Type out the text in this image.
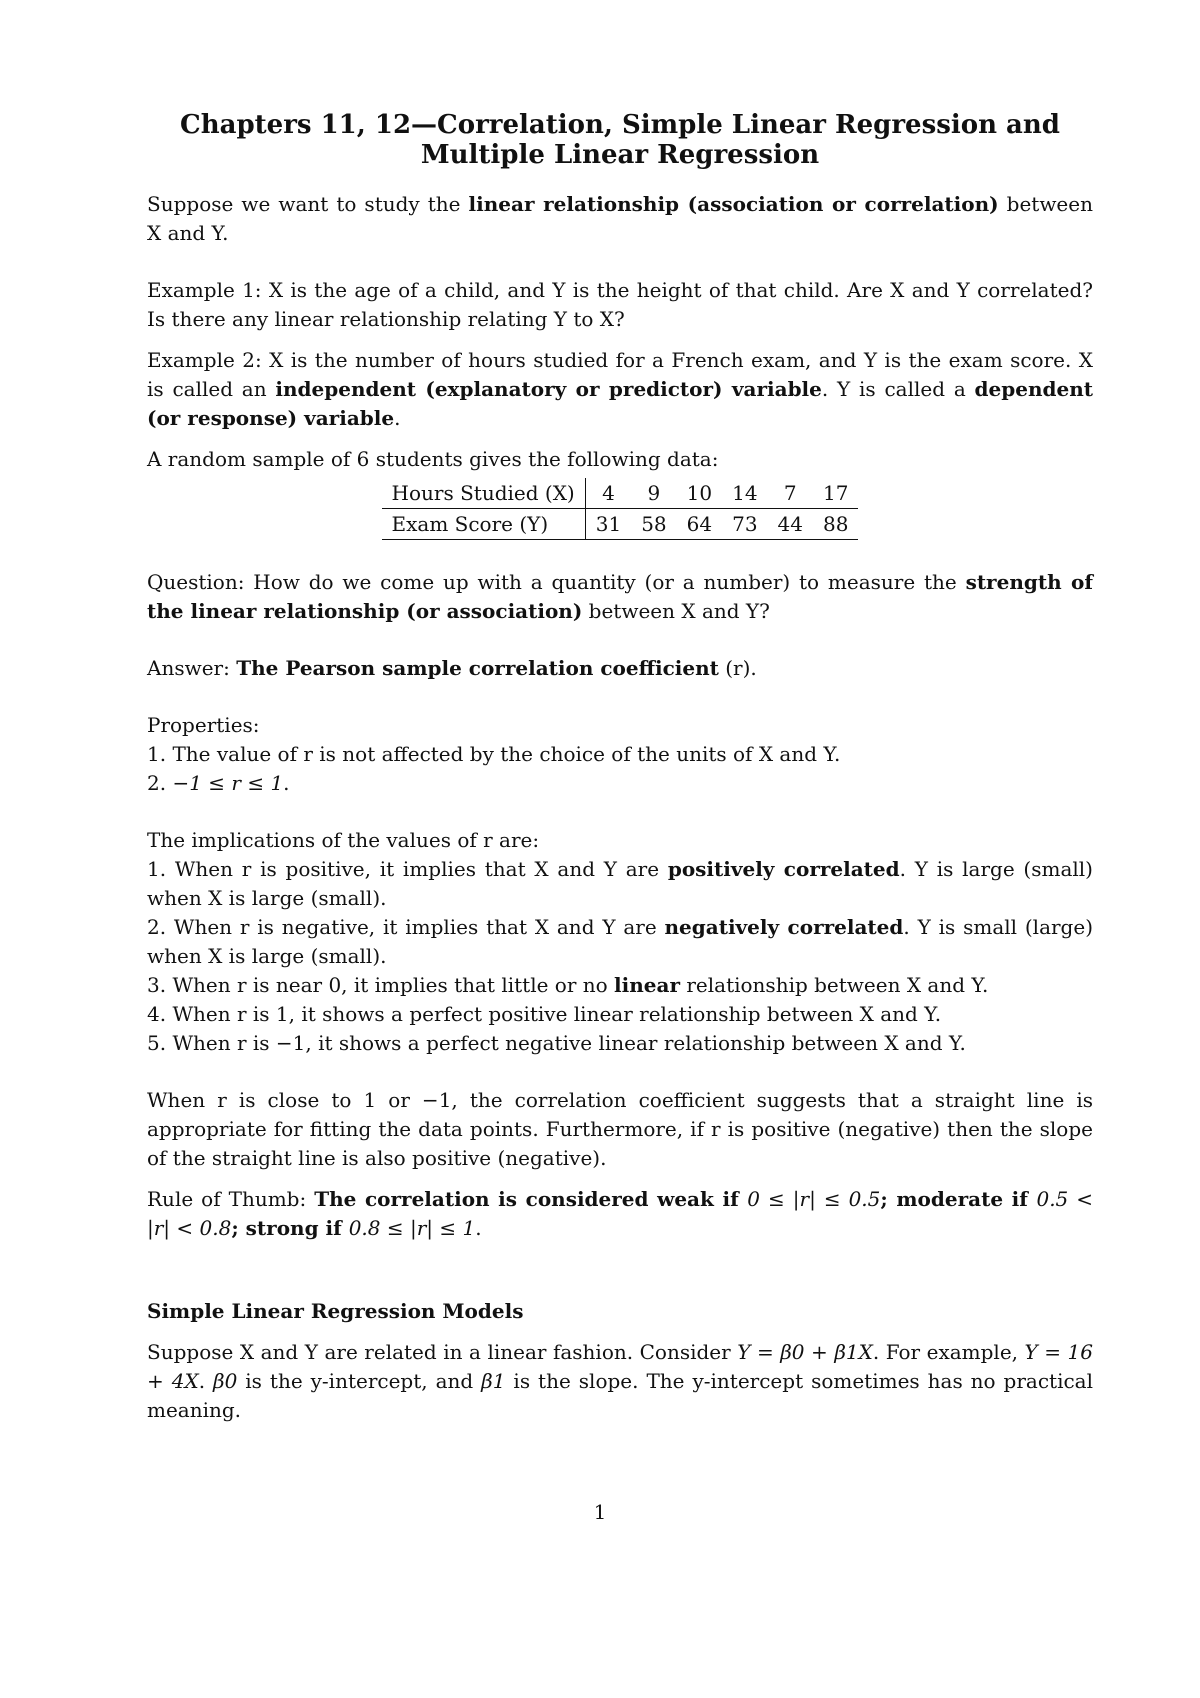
Chapters 11, 12—Correlation, Simple Linear Regression and
Multiple Linear Regression

Suppose we want to study the linear relationship (association or correlation) between X and Y.

Example 1: X is the age of a child, and Y is the height of that child. Are X and Y correlated? Is there any linear relationship relating Y to X?

Example 2: X is the number of hours studied for a French exam, and Y is the exam score. X is called an independent (explanatory or predictor) variable. Y is called a dependent (or response) variable.

A random sample of 6 students gives the following data:

Hours Studied (X)	4	9	10	14	7	17
Exam Score (Y)	31	58	64	73	44	88

Question: How do we come up with a quantity (or a number) to measure the strength of the linear relationship (or association) between X and Y?

Answer: The Pearson sample correlation coefficient (r).

Properties:

1. The value of r is not affected by the choice of the units of X and Y.

2. −1 ≤ r ≤ 1.

The implications of the values of r are:

1. When r is positive, it implies that X and Y are positively correlated. Y is large (small) when X is large (small).

2. When r is negative, it implies that X and Y are negatively correlated. Y is small (large) when X is large (small).

3. When r is near 0, it implies that little or no linear relationship between X and Y.

4. When r is 1, it shows a perfect positive linear relationship between X and Y.

5. When r is −1, it shows a perfect negative linear relationship between X and Y.

When r is close to 1 or −1, the correlation coefficient suggests that a straight line is appropriate for fitting the data points. Furthermore, if r is positive (negative) then the slope of the straight line is also positive (negative).

Rule of Thumb: The correlation is considered weak if 0 ≤ |r| ≤ 0.5; moderate if 0.5 < |r| < 0.8; strong if 0.8 ≤ |r| ≤ 1.

Simple Linear Regression Models

Suppose X and Y are related in a linear fashion. Consider Y = β0 + β1X. For example, Y = 16 + 4X. β0 is the y-intercept, and β1 is the slope. The y-intercept sometimes has no practical meaning.

1
